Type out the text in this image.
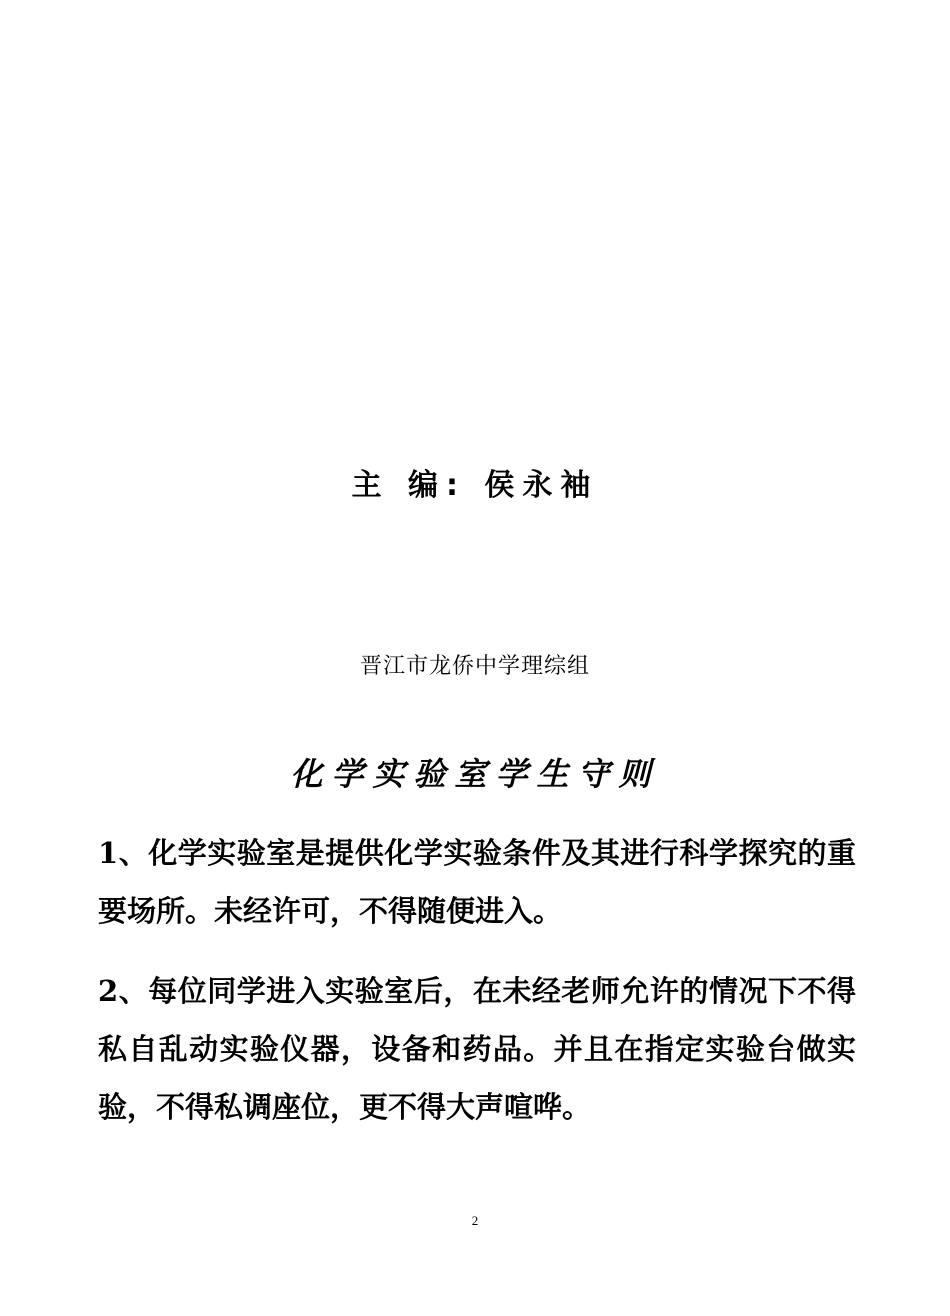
主 编: 侯永袖
晋江市龙侨中学理综组
化学实验室学生守则

1、化学实验室是提供化学实验条件及其进行科学探究的重要场所。未经许可，不得随便进入。

2、每位同学进入实验室后，在未经老师允许的情况下不得私自乱动实验仪器，设备和药品。并且在指定实验台做实验，不得私调座位，更不得大声喧哗。

2
